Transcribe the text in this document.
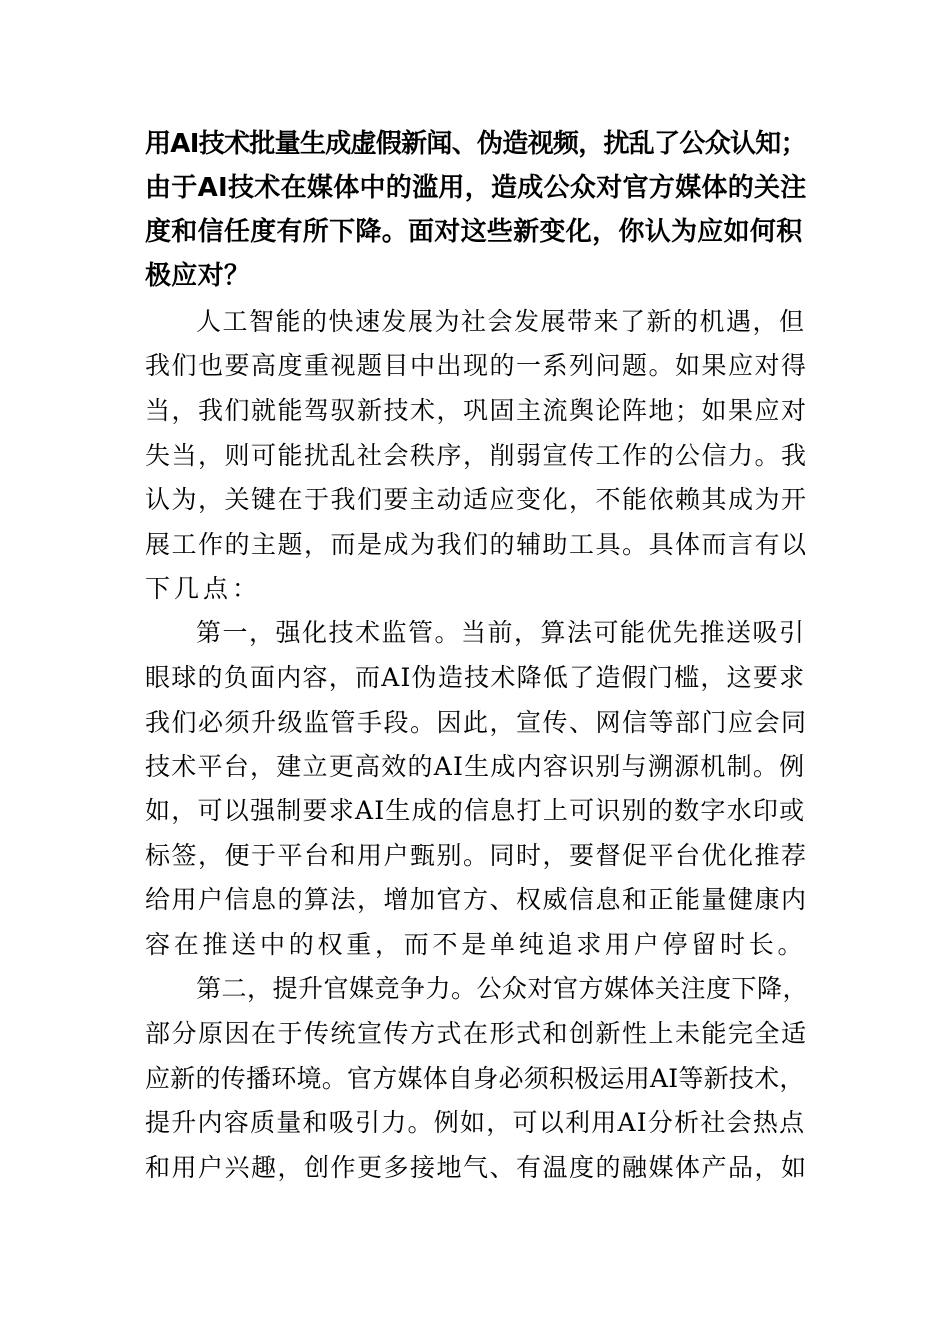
用AI技术批量生成虚假新闻、伪造视频，扰乱了公众认知；
由于AI技术在媒体中的滥用，造成公众对官方媒体的关注
度和信任度有所下降。面对这些新变化，你认为应如何积
极应对？
人工智能的快速发展为社会发展带来了新的机遇，但
我们也要高度重视题目中出现的一系列问题。如果应对得
当，我们就能驾驭新技术，巩固主流舆论阵地；如果应对
失当，则可能扰乱社会秩序，削弱宣传工作的公信力。我
认为，关键在于我们要主动适应变化，不能依赖其成为开
展工作的主题，而是成为我们的辅助工具。具体而言有以
下几点：
第一，强化技术监管。当前，算法可能优先推送吸引
眼球的负面内容，而AI伪造技术降低了造假门槛，这要求
我们必须升级监管手段。因此，宣传、网信等部门应会同
技术平台，建立更高效的AI生成内容识别与溯源机制。例
如，可以强制要求AI生成的信息打上可识别的数字水印或
标签，便于平台和用户甄别。同时，要督促平台优化推荐
给用户信息的算法，增加官方、权威信息和正能量健康内
容在推送中的权重，而不是单纯追求用户停留时长。
第二，提升官媒竞争力。公众对官方媒体关注度下降，
部分原因在于传统宣传方式在形式和创新性上未能完全适
应新的传播环境。官方媒体自身必须积极运用AI等新技术，
提升内容质量和吸引力。例如，可以利用AI分析社会热点
和用户兴趣，创作更多接地气、有温度的融媒体产品，如
